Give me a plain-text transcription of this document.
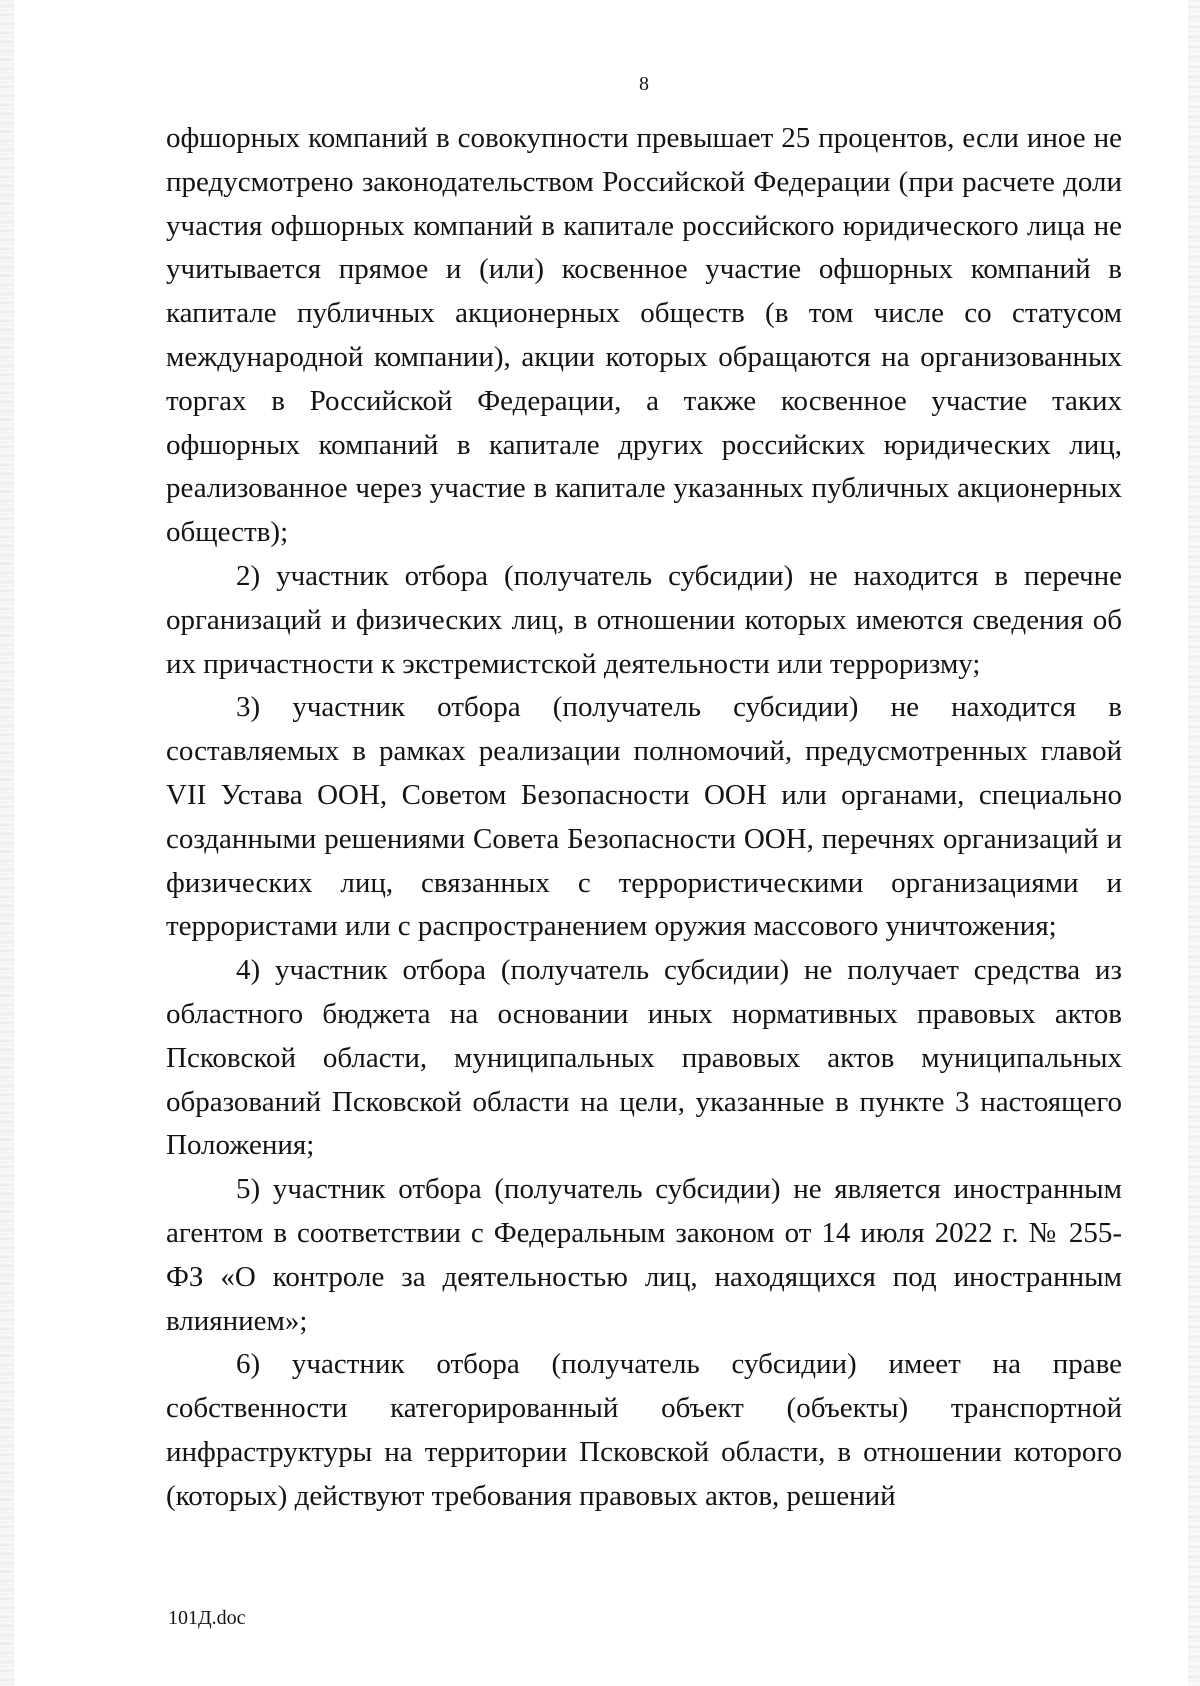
8

офшорных компаний в совокупности превышает 25 процентов, если иное не предусмотрено законодательством Российской Федерации (при расчете доли участия офшорных компаний в капитале российского юридического лица не учитывается прямое и (или) косвенное участие офшорных компаний в капитале публичных акционерных обществ (в том числе со статусом международной компании), акции которых обращаются на организованных торгах в Российской Федерации, а также косвенное участие таких офшорных компаний в капитале других российских юридических лиц, реализованное через участие в капитале указанных публичных акционерных обществ);

2) участник отбора (получатель субсидии) не находится в перечне организаций и физических лиц, в отношении которых имеются сведения об их причастности к экстремистской деятельности или терроризму;

3) участник отбора (получатель субсидии) не находится в составляемых в рамках реализации полномочий, предусмотренных главой VII Устава ООН, Советом Безопасности ООН или органами, специально созданными решениями Совета Безопасности ООН, перечнях организаций и физических лиц, связанных с террористическими организациями и террористами или с распространением оружия массового уничтожения;

4) участник отбора (получатель субсидии) не получает средства из областного бюджета на основании иных нормативных правовых актов Псковской области, муниципальных правовых актов муниципальных образований Псковской области на цели, указанные в пункте 3 настоящего Положения;

5) участник отбора (получатель субсидии) не является иностранным агентом в соответствии с Федеральным законом от 14 июля 2022 г. № 255-ФЗ «О контроле за деятельностью лиц, находящихся под иностранным влиянием»;

6) участник отбора (получатель субсидии) имеет на праве собственности категорированный объект (объекты) транспортной инфраструктуры на территории Псковской области, в отношении которого (которых) действуют требования правовых актов, решений

101Д.doc
